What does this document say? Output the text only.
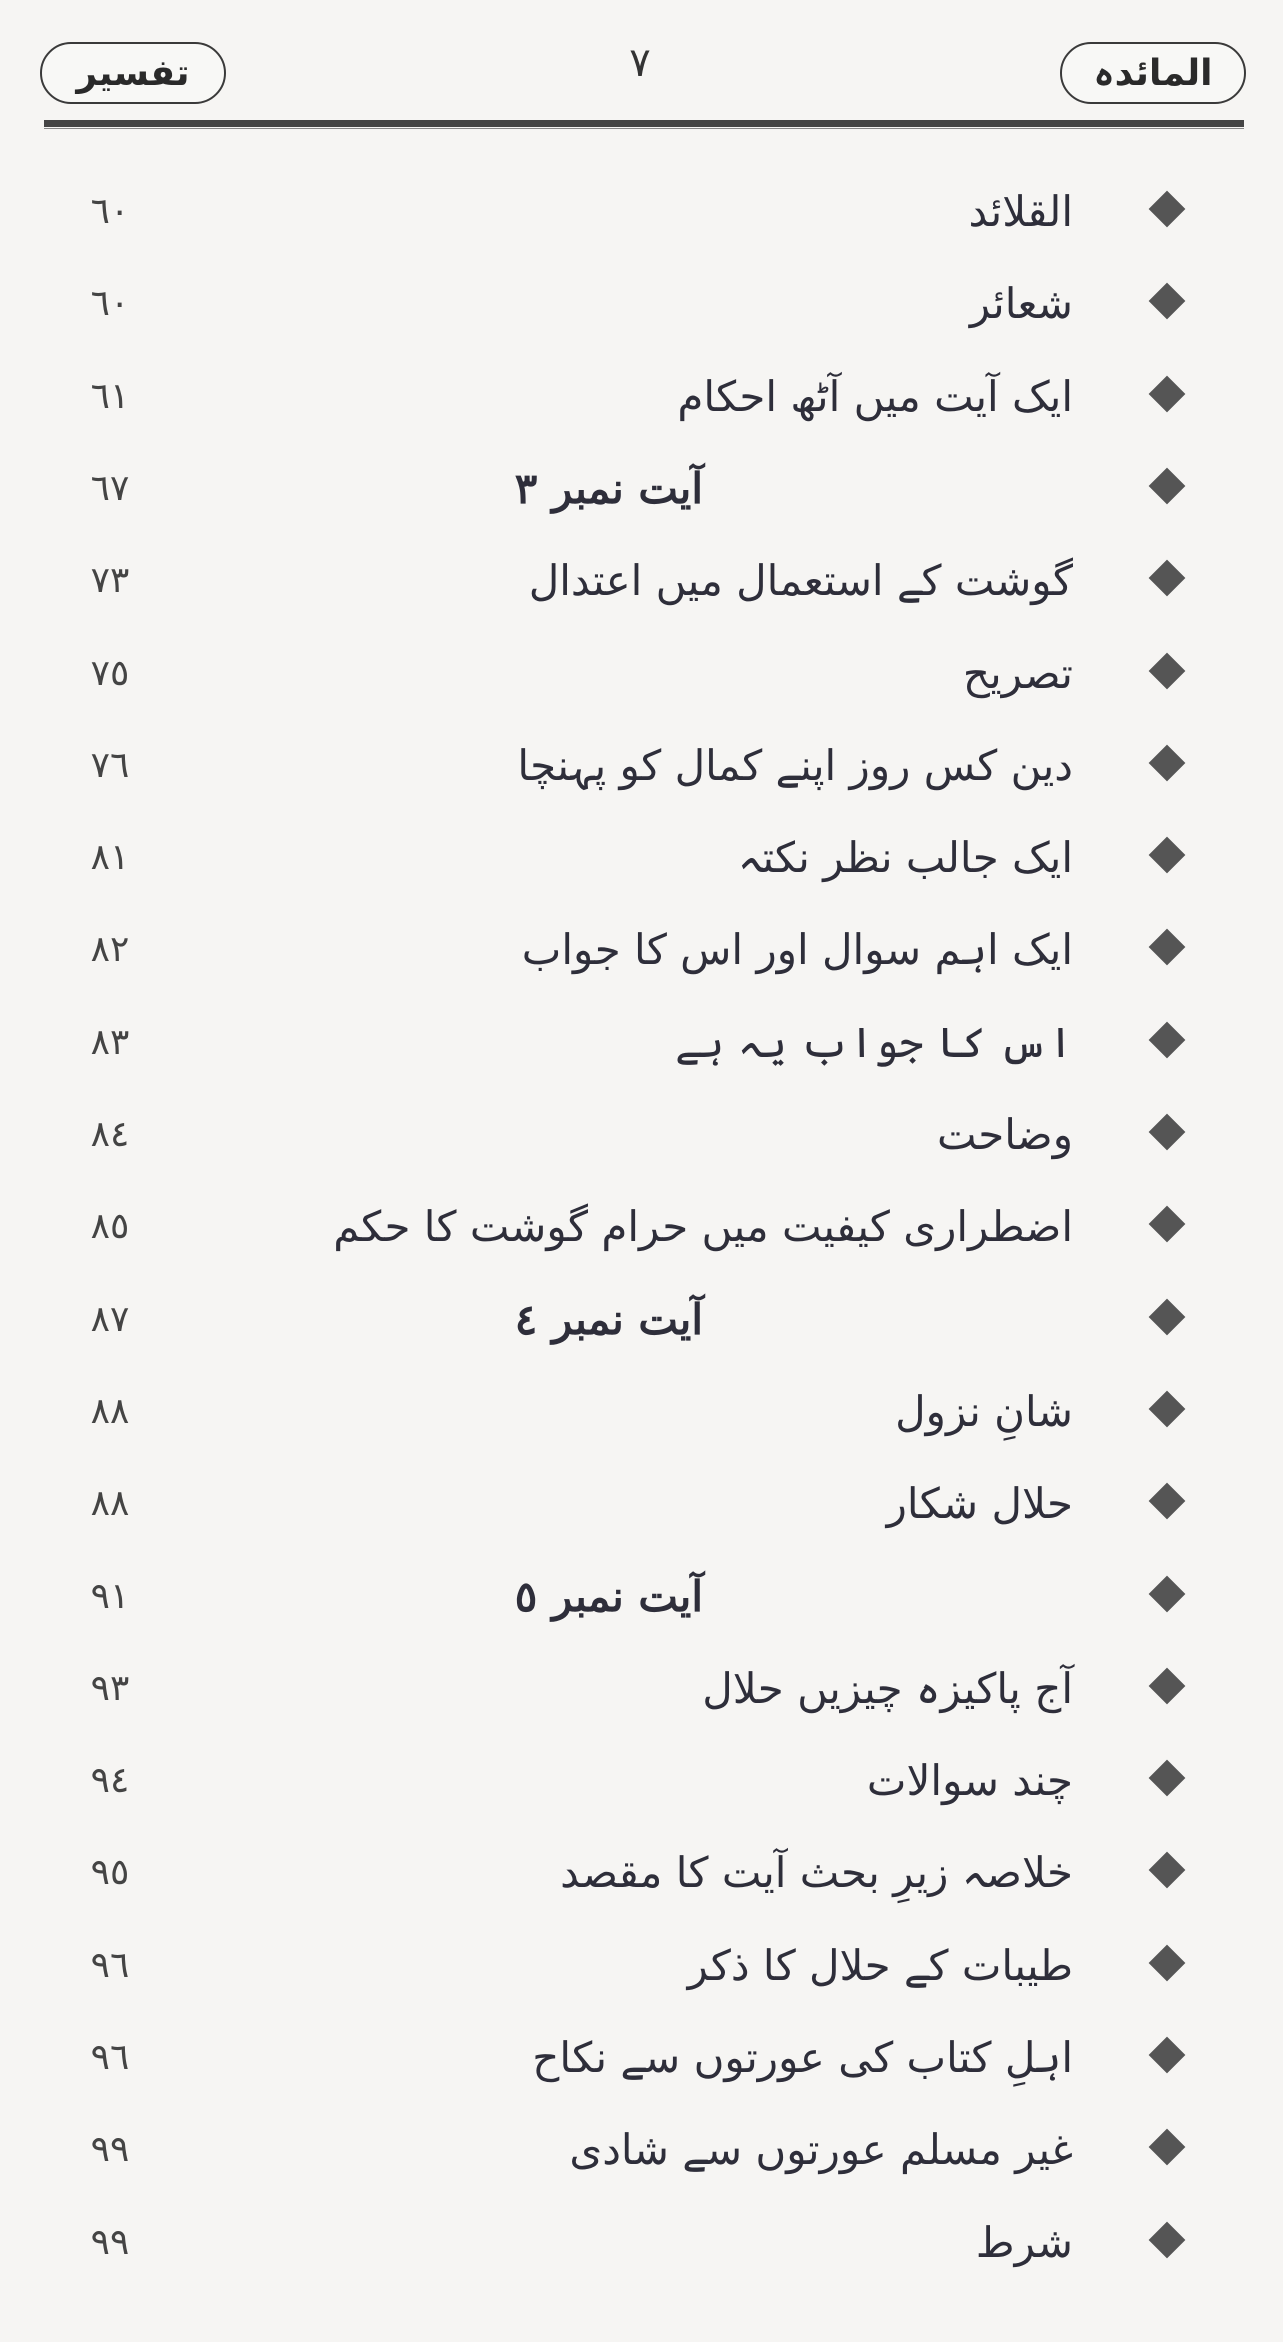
تفسیر	۷	المائدہ
القلائد
٦٠
شعائر
٦٠
ایک آیت میں آٹھ احکام
٦١
آیت نمبر ٣
٦٧
گوشت کے استعمال میں اعتدال
٧٣
تصریح
٧٥
دین کس روز اپنے کمال کو پہنچا
٧٦
ایک جالب نظر نکتہ
٨١
ایک اہم سوال اور اس کا جواب
٨٢
اس کا جواب یہ ہے
٨٣
وضاحت
٨٤
اضطراری کیفیت میں حرام گوشت کا حکم
٨٥
آیت نمبر ٤
٨٧
شانِ نزول
٨٨
حلال شکار
٨٨
آیت نمبر ٥
٩١
آج پاکیزہ چیزیں حلال
٩٣
چند سوالات
٩٤
خلاصہ زیرِ بحث آیت کا مقصد
٩٥
طیبات کے حلال کا ذکر
٩٦
اہلِ کتاب کی عورتوں سے نکاح
٩٦
غیر مسلم عورتوں سے شادی
٩٩
شرط
٩٩
